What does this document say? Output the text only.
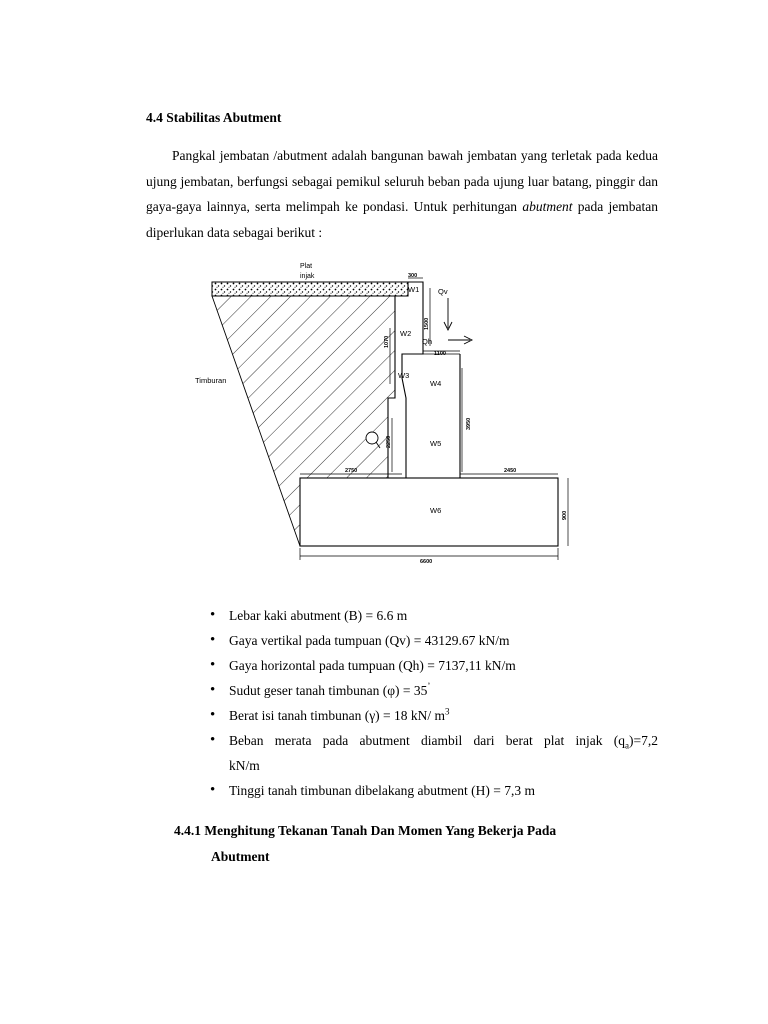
4.4 Stabilitas Abutment
Pangkal jembatan /abutment adalah bangunan bawah jembatan yang terletak pada kedua ujung jembatan, berfungsi sebagai pemikul seluruh beban pada ujung luar batang, pinggir dan gaya-gaya lainnya, serta melimpah ke pondasi. Untuk perhitungan abutment pada jembatan diperlukan data sebagai berikut :
Plat
injak
Timburan
Qv
Qh
W1
W2
W3
W4
W5
W6
300
1500
1100
1070
3950
2250
2750	2450
900
6600
• Lebar kaki abutment (B) = 6.6 m
• Gaya vertikal pada tumpuan (Qv) = 43129.67 kN/m
• Gaya horizontal pada tumpuan (Qh) = 7137,11 kN/m
• Sudut geser tanah timbunan (φ) = 35˚
• Berat isi tanah timbunan (γ) = 18 kN/ $m^3$
• Beban merata pada abutment diambil dari berat plat injak $(q_a)=7,2$
kN/m
• Tinggi tanah timbunan dibelakang abutment (H) = 7,3 m
4.4.1 Menghitung Tekanan Tanah Dan Momen Yang Bekerja Pada
Abutment
